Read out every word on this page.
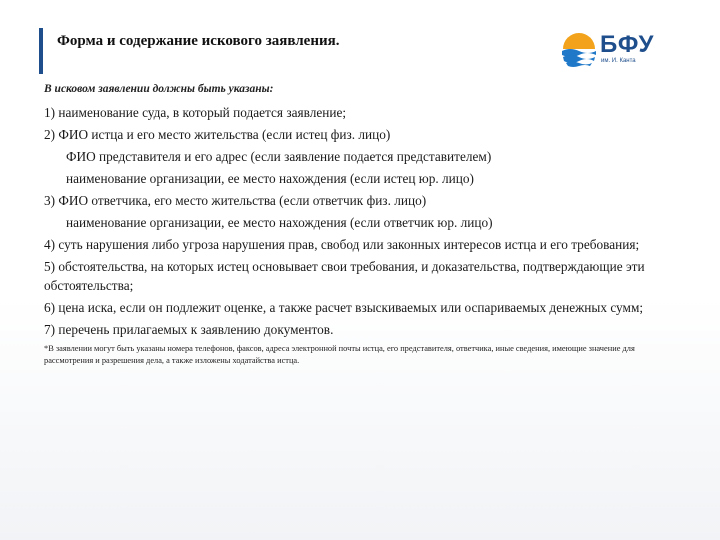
Форма и содержание искового заявления.	БФУ
им. И. Канта

В исковом заявлении должны быть указаны:

1) наименование суда, в который подается заявление;
2) ФИО истца и его место жительства (если истец физ. лицо)
ФИО представителя и его адрес (если заявление подается представителем)
наименование организации, ее место нахождения (если истец юр. лицо)
3) ФИО ответчика, его место жительства (если ответчик физ. лицо)
наименование организации, ее место нахождения (если ответчик юр. лицо)
4) суть нарушения либо угроза нарушения прав, свобод или законных интересов истца и его требования;
5) обстоятельства, на которых истец основывает свои требования, и доказательства, подтверждающие эти обстоятельства;
6) цена иска, если он подлежит оценке, а также расчет взыскиваемых или оспариваемых денежных сумм;
7) перечень прилагаемых к заявлению документов.
*В заявлении могут быть указаны номера телефонов, факсов, адреса электронной почты истца, его представителя, ответчика, иные сведения, имеющие значение для рассмотрения и разрешения дела, а также изложены ходатайства истца.
